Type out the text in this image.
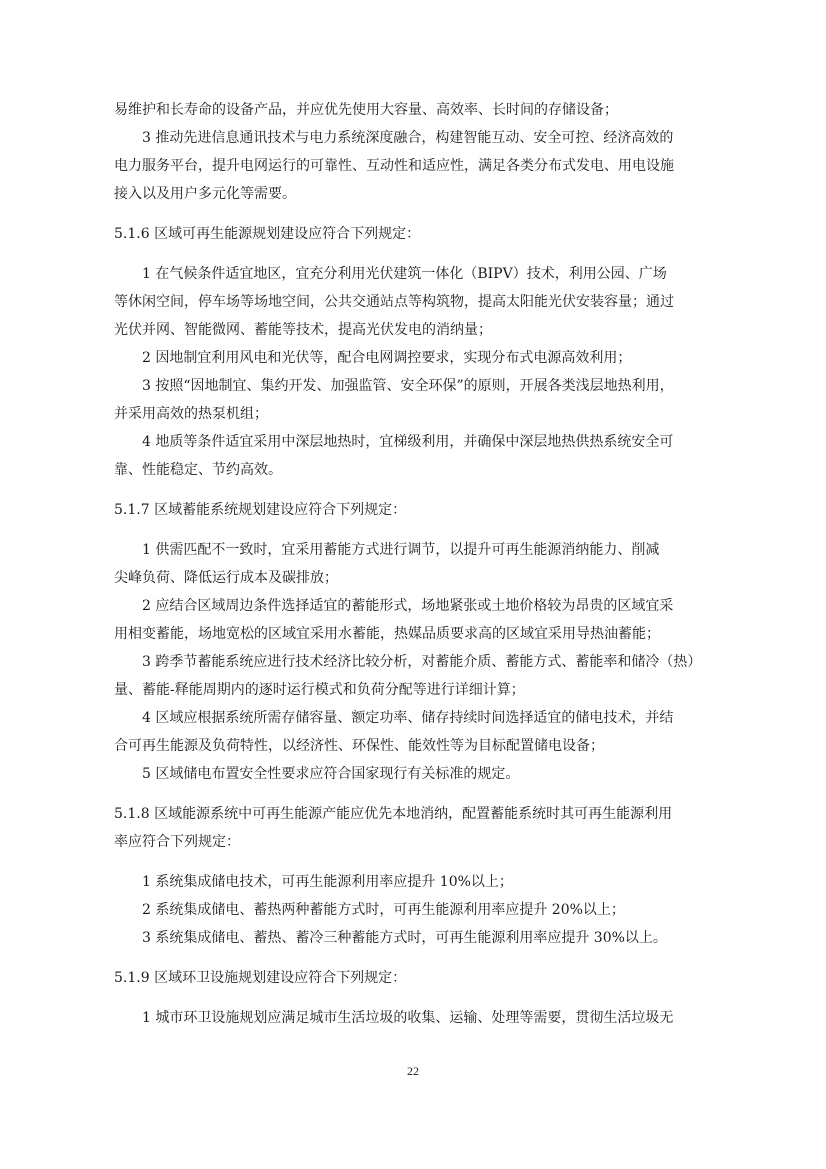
易维护和长寿命的设备产品，并应优先使用大容量、高效率、长时间的存储设备；
3 推动先进信息通讯技术与电力系统深度融合，构建智能互动、安全可控、经济高效的
电力服务平台，提升电网运行的可靠性、互动性和适应性，满足各类分布式发电、用电设施
接入以及用户多元化等需要。
5.1.6 区域可再生能源规划建设应符合下列规定：
1 在气候条件适宜地区，宜充分利用光伏建筑一体化（BIPV）技术，利用公园、广场
等休闲空间，停车场等场地空间，公共交通站点等构筑物，提高太阳能光伏安装容量；通过
光伏并网、智能微网、蓄能等技术，提高光伏发电的消纳量；
2 因地制宜利用风电和光伏等，配合电网调控要求，实现分布式电源高效利用；
3 按照“因地制宜、集约开发、加强监管、安全环保”的原则，开展各类浅层地热利用，
并采用高效的热泵机组；
4 地质等条件适宜采用中深层地热时，宜梯级利用，并确保中深层地热供热系统安全可
靠、性能稳定、节约高效。
5.1.7 区域蓄能系统规划建设应符合下列规定：
1 供需匹配不一致时，宜采用蓄能方式进行调节，以提升可再生能源消纳能力、削减
尖峰负荷、降低运行成本及碳排放；
2 应结合区域周边条件选择适宜的蓄能形式，场地紧张或土地价格较为昂贵的区域宜采
用相变蓄能，场地宽松的区域宜采用水蓄能，热媒品质要求高的区域宜采用导热油蓄能；
3 跨季节蓄能系统应进行技术经济比较分析，对蓄能介质、蓄能方式、蓄能率和储冷（热）
量、蓄能-释能周期内的逐时运行模式和负荷分配等进行详细计算；
4 区域应根据系统所需存储容量、额定功率、储存持续时间选择适宜的储电技术，并结
合可再生能源及负荷特性，以经济性、环保性、能效性等为目标配置储电设备；
5 区域储电布置安全性要求应符合国家现行有关标准的规定。
5.1.8 区域能源系统中可再生能源产能应优先本地消纳，配置蓄能系统时其可再生能源利用
率应符合下列规定：
1 系统集成储电技术，可再生能源利用率应提升 10%以上；
2 系统集成储电、蓄热两种蓄能方式时，可再生能源利用率应提升 20%以上；
3 系统集成储电、蓄热、蓄冷三种蓄能方式时，可再生能源利用率应提升 30%以上。
5.1.9 区域环卫设施规划建设应符合下列规定：
1 城市环卫设施规划应满足城市生活垃圾的收集、运输、处理等需要，贯彻生活垃圾无
22
